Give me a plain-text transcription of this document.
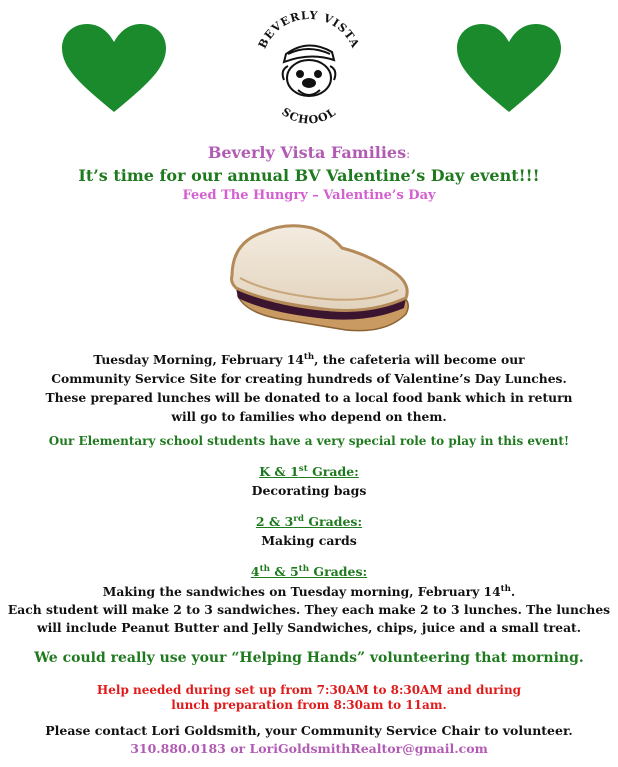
BEVERLY VISTA
SCHOOL
Beverly Vista Families:
It’s time for our annual BV Valentine’s Day event!!!
Feed The Hungry – Valentine’s Day
Tuesday Morning, February 14th, the cafeteria will become our
Community Service Site for creating hundreds of Valentine’s Day Lunches.
These prepared lunches will be donated to a local food bank which in return
will go to families who depend on them.
Our Elementary school students have a very special role to play in this event!
K & 1st Grade:
Decorating bags
2 & 3rd Grades:
Making cards
4th & 5th Grades:
Making the sandwiches on Tuesday morning, February 14th.
Each student will make 2 to 3 sandwiches. They each make 2 to 3 lunches. The lunches
will include Peanut Butter and Jelly Sandwiches, chips, juice and a small treat.
We could really use your “Helping Hands” volunteering that morning.
Help needed during set up from 7:30AM to 8:30AM and during
lunch preparation from 8:30am to 11am.
Please contact Lori Goldsmith, your Community Service Chair to volunteer.
310.880.0183 or LoriGoldsmithRealtor@gmail.com
